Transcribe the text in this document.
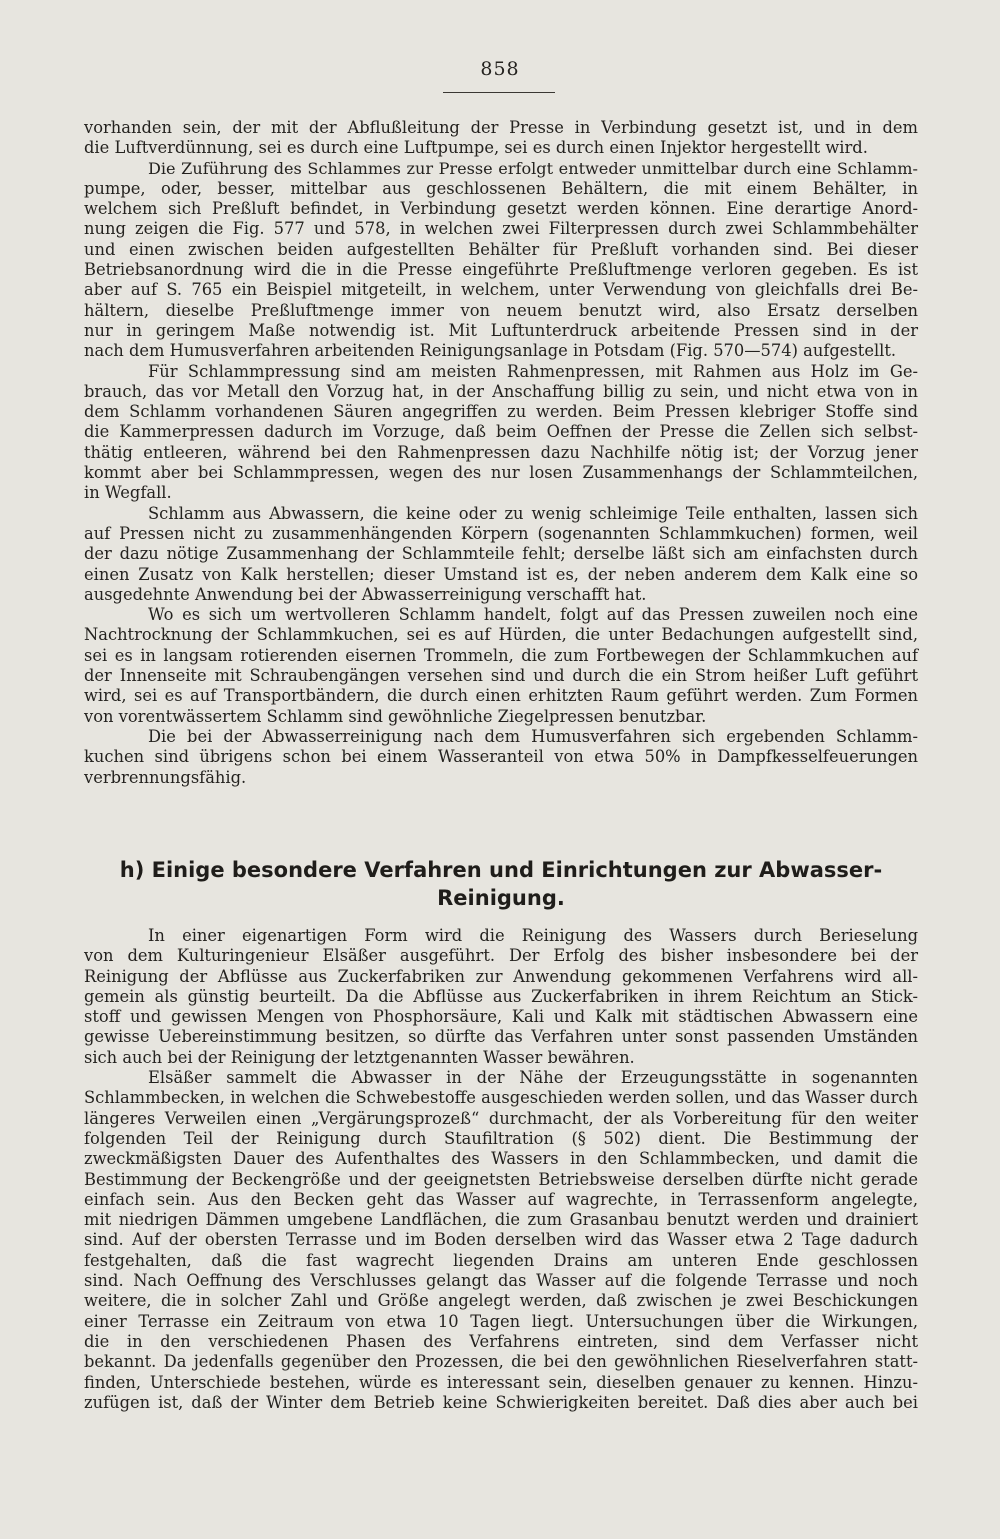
858
vorhanden sein, der mit der Abflußleitung der Presse in Verbindung gesetzt ist, und in dem
die Luftverdünnung, sei es durch eine Luftpumpe, sei es durch einen Injektor hergestellt wird.
Die Zuführung des Schlammes zur Presse erfolgt entweder unmittelbar durch eine Schlamm-
pumpe, oder, besser, mittelbar aus geschlossenen Behältern, die mit einem Behälter, in
welchem sich Preßluft befindet, in Verbindung gesetzt werden können. Eine derartige Anord-
nung zeigen die Fig. 577 und 578, in welchen zwei Filterpressen durch zwei Schlammbehälter
und einen zwischen beiden aufgestellten Behälter für Preßluft vorhanden sind. Bei dieser
Betriebsanordnung wird die in die Presse eingeführte Preßluftmenge verloren gegeben. Es ist
aber auf S. 765 ein Beispiel mitgeteilt, in welchem, unter Verwendung von gleichfalls drei Be-
hältern, dieselbe Preßluftmenge immer von neuem benutzt wird, also Ersatz derselben
nur in geringem Maße notwendig ist. Mit Luftunterdruck arbeitende Pressen sind in der
nach dem Humusverfahren arbeitenden Reinigungsanlage in Potsdam (Fig. 570—574) aufgestellt.
Für Schlammpressung sind am meisten Rahmenpressen, mit Rahmen aus Holz im Ge-
brauch, das vor Metall den Vorzug hat, in der Anschaffung billig zu sein, und nicht etwa von in
dem Schlamm vorhandenen Säuren angegriffen zu werden. Beim Pressen klebriger Stoffe sind
die Kammerpressen dadurch im Vorzuge, daß beim Oeffnen der Presse die Zellen sich selbst-
thätig entleeren, während bei den Rahmenpressen dazu Nachhilfe nötig ist; der Vorzug jener
kommt aber bei Schlammpressen, wegen des nur losen Zusammenhangs der Schlammteilchen,
in Wegfall.
Schlamm aus Abwassern, die keine oder zu wenig schleimige Teile enthalten, lassen sich
auf Pressen nicht zu zusammenhängenden Körpern (sogenannten Schlammkuchen) formen, weil
der dazu nötige Zusammenhang der Schlammteile fehlt; derselbe läßt sich am einfachsten durch
einen Zusatz von Kalk herstellen; dieser Umstand ist es, der neben anderem dem Kalk eine so
ausgedehnte Anwendung bei der Abwasserreinigung verschafft hat.
Wo es sich um wertvolleren Schlamm handelt, folgt auf das Pressen zuweilen noch eine
Nachtrocknung der Schlammkuchen, sei es auf Hürden, die unter Bedachungen aufgestellt sind,
sei es in langsam rotierenden eisernen Trommeln, die zum Fortbewegen der Schlammkuchen auf
der Innenseite mit Schraubengängen versehen sind und durch die ein Strom heißer Luft geführt
wird, sei es auf Transportbändern, die durch einen erhitzten Raum geführt werden. Zum Formen
von vorentwässertem Schlamm sind gewöhnliche Ziegelpressen benutzbar.
Die bei der Abwasserreinigung nach dem Humusverfahren sich ergebenden Schlamm-
kuchen sind übrigens schon bei einem Wasseranteil von etwa 50% in Dampfkesselfeuerungen
verbrennungsfähig.
h) Einige besondere Verfahren und Einrichtungen zur Abwasser-
Reinigung.
In einer eigenartigen Form wird die Reinigung des Wassers durch Berieselung
von dem Kulturingenieur Elsäßer ausgeführt. Der Erfolg des bisher insbesondere bei der
Reinigung der Abflüsse aus Zuckerfabriken zur Anwendung gekommenen Verfahrens wird all-
gemein als günstig beurteilt. Da die Abflüsse aus Zuckerfabriken in ihrem Reichtum an Stick-
stoff und gewissen Mengen von Phosphorsäure, Kali und Kalk mit städtischen Abwassern eine
gewisse Uebereinstimmung besitzen, so dürfte das Verfahren unter sonst passenden Umständen
sich auch bei der Reinigung der letztgenannten Wasser bewähren.
Elsäßer sammelt die Abwasser in der Nähe der Erzeugungsstätte in sogenannten
Schlammbecken, in welchen die Schwebestoffe ausgeschieden werden sollen, und das Wasser durch
längeres Verweilen einen „Vergärungsprozeß“ durchmacht, der als Vorbereitung für den weiter
folgenden Teil der Reinigung durch Staufiltration (§ 502) dient. Die Bestimmung der
zweckmäßigsten Dauer des Aufenthaltes des Wassers in den Schlammbecken, und damit die
Bestimmung der Beckengröße und der geeignetsten Betriebsweise derselben dürfte nicht gerade
einfach sein. Aus den Becken geht das Wasser auf wagrechte, in Terrassenform angelegte,
mit niedrigen Dämmen umgebene Landflächen, die zum Grasanbau benutzt werden und drainiert
sind. Auf der obersten Terrasse und im Boden derselben wird das Wasser etwa 2 Tage dadurch
festgehalten, daß die fast wagrecht liegenden Drains am unteren Ende geschlossen
sind. Nach Oeffnung des Verschlusses gelangt das Wasser auf die folgende Terrasse und noch
weitere, die in solcher Zahl und Größe angelegt werden, daß zwischen je zwei Beschickungen
einer Terrasse ein Zeitraum von etwa 10 Tagen liegt. Untersuchungen über die Wirkungen,
die in den verschiedenen Phasen des Verfahrens eintreten, sind dem Verfasser nicht
bekannt. Da jedenfalls gegenüber den Prozessen, die bei den gewöhnlichen Rieselverfahren statt-
finden, Unterschiede bestehen, würde es interessant sein, dieselben genauer zu kennen. Hinzu-
zufügen ist, daß der Winter dem Betrieb keine Schwierigkeiten bereitet. Daß dies aber auch bei
